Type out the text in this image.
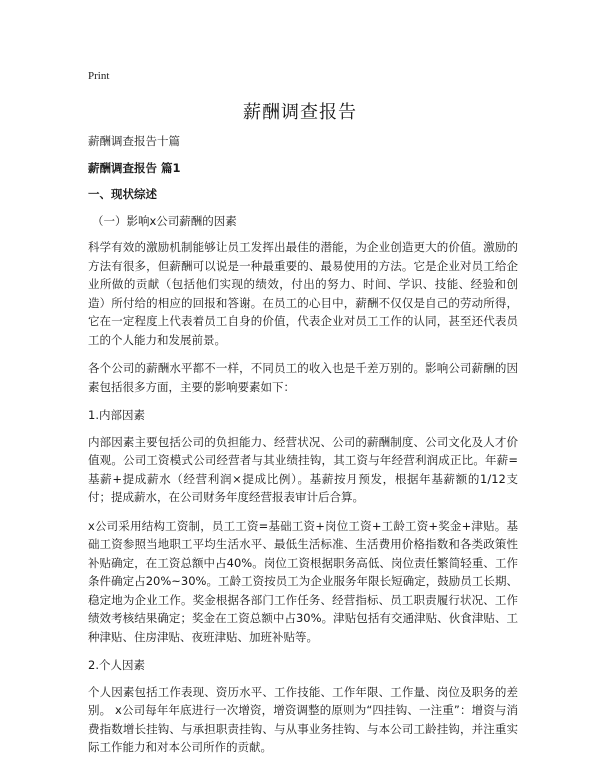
Print
薪酬调查报告

薪酬调查报告十篇

薪酬调查报告 篇1

一、现状综述

（一）影响x公司薪酬的因素

科学有效的激励机制能够让员工发挥出最佳的潜能，为企业创造更大的价值。激励的方法有很多，但薪酬可以说是一种最重要的、最易使用的方法。它是企业对员工给企业所做的贡献（包括他们实现的绩效，付出的努力、时间、学识、技能、经验和创造）所付给的相应的回报和答谢。在员工的心目中，薪酬不仅仅是自己的劳动所得，它在一定程度上代表着员工自身的价值，代表企业对员工工作的认同，甚至还代表员工的个人能力和发展前景。

各个公司的薪酬水平都不一样，不同员工的收入也是千差万别的。影响公司薪酬的因素包括很多方面，主要的影响要素如下：

1.内部因素

内部因素主要包括公司的负担能力、经营状况、公司的薪酬制度、公司文化及人才价值观。公司工资模式公司经营者与其业绩挂钩，其工资与年经营利润成正比。年薪=基薪+提成薪水（经营利润×提成比例）。基薪按月预发，根据年基薪额的1/12支付；提成薪水，在公司财务年度经营报表审计后合算。

x公司采用结构工资制，员工工资=基础工资+岗位工资+工龄工资+奖金+津贴。基础工资参照当地职工平均生活水平、最低生活标准、生活费用价格指数和各类政策性补贴确定，在工资总额中占40%。岗位工资根据职务高低、岗位责任繁简轻重、工作条件确定占20%~30%。工龄工资按员工为企业服务年限长短确定，鼓励员工长期、稳定地为企业工作。奖金根据各部门工作任务、经营指标、员工职责履行状况、工作绩效考核结果确定；奖金在工资总额中占30%。津贴包括有交通津贴、伙食津贴、工种津贴、住房津贴、夜班津贴、加班补贴等。

2.个人因素

个人因素包括工作表现、资历水平、工作技能、工作年限、工作量、岗位及职务的差别。 x公司每年年底进行一次增资，增资调整的原则为“四挂钩、一注重”：增资与消费指数增长挂钩、与承担职责挂钩、与从事业务挂钩、与本公司工龄挂钩，并注重实际工作能力和对本公司所作的贡献。
